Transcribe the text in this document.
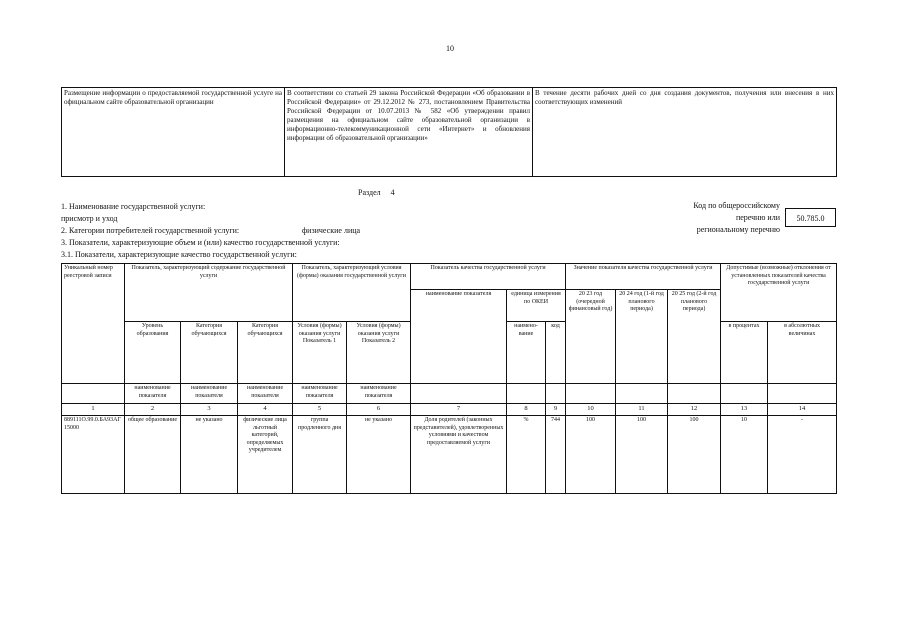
10
Размещение информации о предоставляемой государственной услуге на официальном сайте образовательной организации	В соответствии со статьей 29 закона Российской Федерации «Об образовании в Российской Федерации» от 29.12.2012 № 273, постановлением Правительства Российской Федерации от 10.07.2013 № 582 «Об утверждении правил размещения на официальном сайте образовательной организации в информационно-телекоммуникационной сети «Интернет» и обновления информации об образовательной организации»	В течение десяти рабочих дней со дня создания документов, получения или внесения в них соответствующих изменений
Раздел 4
1. Наименование государственной услуги:
присмотр и уход
2. Категории потребителей государственной услуги:	физические лица
3. Показатели, характеризующие объем и (или) качество государственной услуги:
3.1. Показатели, характеризующие качество государственной услуги:
Код по общероссийскому
перечню или
региональному перечню
50.785.0
Уникальный номер реестровой записи	Показатель, характеризующий содержание государственной услуги			Показатель, характеризующий условия (формы) оказания государственной услуги		Показатель качества государственной услуги			Значение показателя качества государственной услуги			Допустимые (возможные) отклонения от установленных показателей качества государственной услуги	
						наименование показателя	единица измерения по ОКЕИ		20 23 год (очередной финансовый год)	20 24 год (1-й год планового периода)	20 25 год (2-й год планового периода)		
	Уровень образования	Категория обучающихся	Категория обучающихся	Условия (формы) оказания услуги Показатель 1	Условия (формы) оказания услуги Показатель 2		наимено-вание	код				в процентах	в абсолютных величинах
	наименование показателя	наименование показателя	наименование показателя	наименование показателя	наименование показателя								
1	2	3	4	5	6	7	8	9	10	11	12	13	14
889111О.99.0.БА93АГ15000	общее образование	не указано	физические лица льготный категорий, определяемых учредителем	группа продленного дня	не указано	Доля родителей (законных представителей), удовлетворенных условиями и качеством предоставляемой услуги	%	744	100	100	100	10	-
